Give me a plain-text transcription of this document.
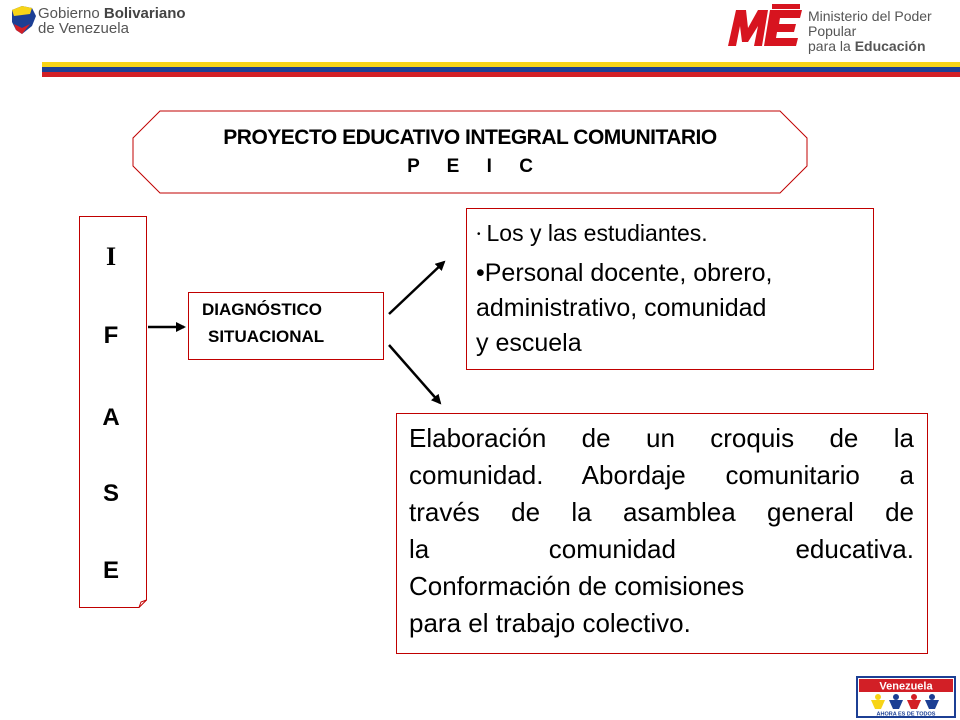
Gobierno Bolivariano
de Venezuela
Ministerio del Poder Popular
para la Educación
PROYECTO EDUCATIVO INTEGRAL COMUNITARIO
P E I C
I
F
A
S
E
DIAGNÓSTICO
SITUACIONAL
• Los y las estudiantes.
•Personal docente, obrero,
administrativo, comunidad
y escuela
Elaboración de un croquis de la
comunidad. Abordaje comunitario a
través de la asamblea general de
la comunidad educativa.
Conformación de comisiones
para el trabajo colectivo.
Venezuela
AHORA ES DE TODOS
